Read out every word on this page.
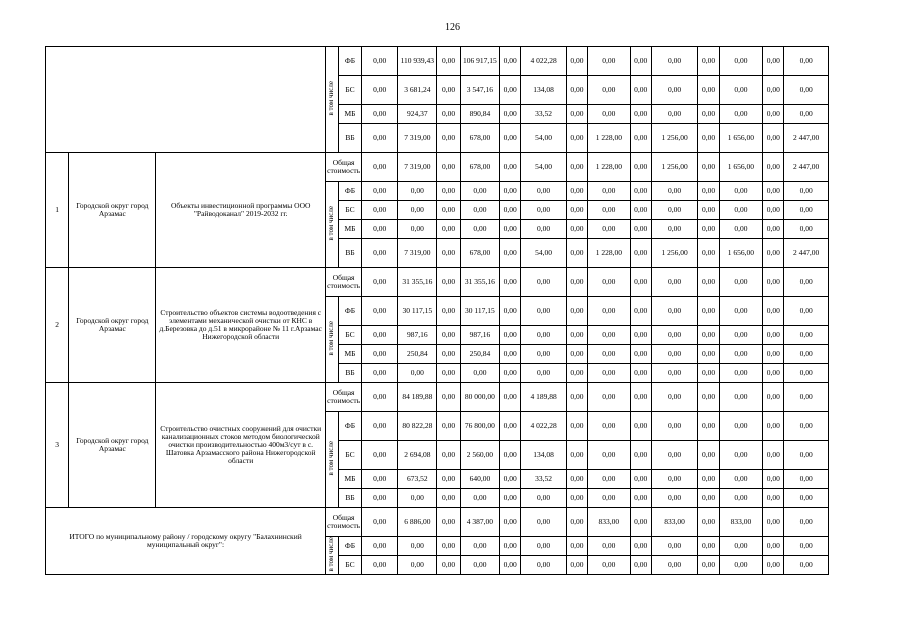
126
			в том числе	ФБ	0,00	110 939,43	0,00	106 917,15	0,00	4 022,28	0,00	0,00	0,00	0,00	0,00	0,00	0,00	0,00
				БС	0,00	3 681,24	0,00	3 547,16	0,00	134,08	0,00	0,00	0,00	0,00	0,00	0,00	0,00	0,00
				МБ	0,00	924,37	0,00	890,84	0,00	33,52	0,00	0,00	0,00	0,00	0,00	0,00	0,00	0,00
				ВБ	0,00	7 319,00	0,00	678,00	0,00	54,00	0,00	1 228,00	0,00	1 256,00	0,00	1 656,00	0,00	2 447,00
1	Городской округ город Арзамас	Объекты инвестиционной программы ООО "Райводоканал" 2019-2032 гг.	Общая стоимость		0,00	7 319,00	0,00	678,00	0,00	54,00	0,00	1 228,00	0,00	1 256,00	0,00	1 656,00	0,00	2 447,00
			в том числе	ФБ	0,00	0,00	0,00	0,00	0,00	0,00	0,00	0,00	0,00	0,00	0,00	0,00	0,00	0,00
				БС	0,00	0,00	0,00	0,00	0,00	0,00	0,00	0,00	0,00	0,00	0,00	0,00	0,00	0,00
				МБ	0,00	0,00	0,00	0,00	0,00	0,00	0,00	0,00	0,00	0,00	0,00	0,00	0,00	0,00
				ВБ	0,00	7 319,00	0,00	678,00	0,00	54,00	0,00	1 228,00	0,00	1 256,00	0,00	1 656,00	0,00	2 447,00
2	Городской округ город Арзамас	Строительство объектов системы водоотведения с элементами механической очистки от КНС в д.Березовка до д.51 в микрорайоне № 11 г.Арзамас Нижегородской области	Общая стоимость		0,00	31 355,16	0,00	31 355,16	0,00	0,00	0,00	0,00	0,00	0,00	0,00	0,00	0,00	0,00
			в том числе	ФБ	0,00	30 117,15	0,00	30 117,15	0,00	0,00	0,00	0,00	0,00	0,00	0,00	0,00	0,00	0,00
				БС	0,00	987,16	0,00	987,16	0,00	0,00	0,00	0,00	0,00	0,00	0,00	0,00	0,00	0,00
				МБ	0,00	250,84	0,00	250,84	0,00	0,00	0,00	0,00	0,00	0,00	0,00	0,00	0,00	0,00
				ВБ	0,00	0,00	0,00	0,00	0,00	0,00	0,00	0,00	0,00	0,00	0,00	0,00	0,00	0,00
3	Городской округ город Арзамас	Строительство очистных сооружений для очистки канализационных стоков методом биологической очистки производительностью 400м3/сут в с. Шатовка Арзамасского района Нижегородской области	Общая стоимость		0,00	84 189,88	0,00	80 000,00	0,00	4 189,88	0,00	0,00	0,00	0,00	0,00	0,00	0,00	0,00
			в том числе	ФБ	0,00	80 822,28	0,00	76 800,00	0,00	4 022,28	0,00	0,00	0,00	0,00	0,00	0,00	0,00	0,00
				БС	0,00	2 694,08	0,00	2 560,00	0,00	134,08	0,00	0,00	0,00	0,00	0,00	0,00	0,00	0,00
				МБ	0,00	673,52	0,00	640,00	0,00	33,52	0,00	0,00	0,00	0,00	0,00	0,00	0,00	0,00
				ВБ	0,00	0,00	0,00	0,00	0,00	0,00	0,00	0,00	0,00	0,00	0,00	0,00	0,00	0,00
ИТОГО по муниципальному району / городскому округу "Балахнинский муниципальный округ":			Общая стоимость		0,00	6 886,00	0,00	4 387,00	0,00	0,00	0,00	833,00	0,00	833,00	0,00	833,00	0,00	0,00
			в том числе	ФБ	0,00	0,00	0,00	0,00	0,00	0,00	0,00	0,00	0,00	0,00	0,00	0,00	0,00	0,00
				БС	0,00	0,00	0,00	0,00	0,00	0,00	0,00	0,00	0,00	0,00	0,00	0,00	0,00	0,00
